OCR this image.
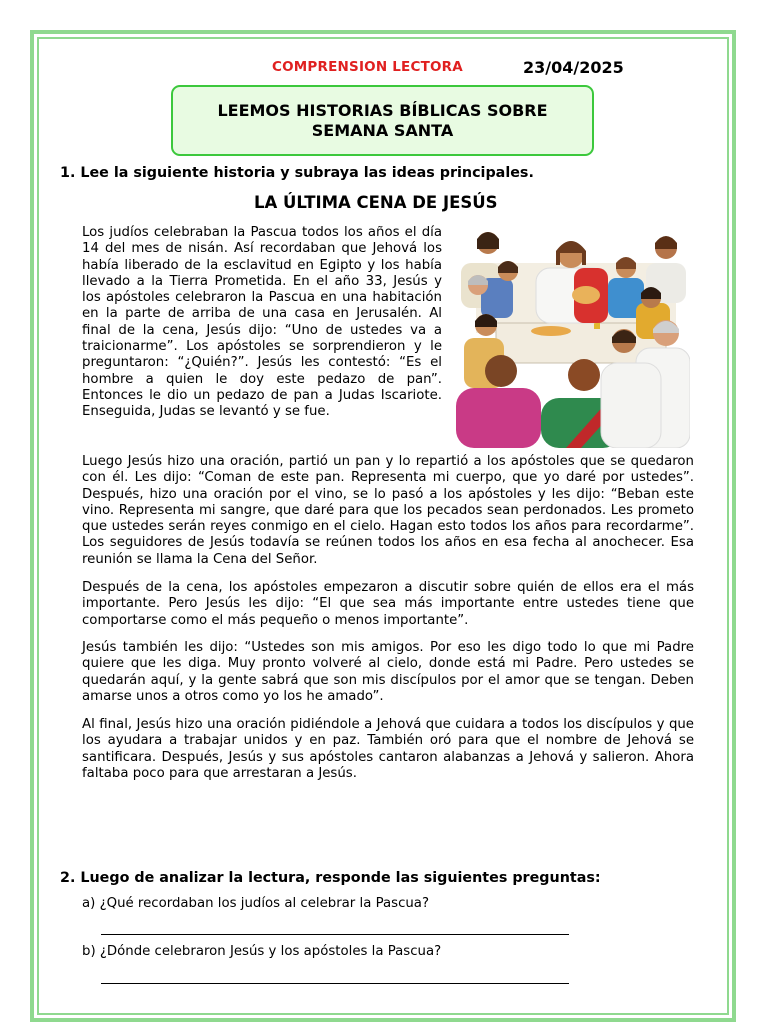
COMPRENSION LECTORA	23/04/2025
LEEMOS HISTORIAS BÍBLICAS SOBRE SEMANA SANTA
1. Lee la siguiente historia y subraya las ideas principales.
LA ÚLTIMA CENA DE JESÚS

Los judíos celebraban la Pascua todos los años el día 14 del mes de nisán. Así recordaban que Jehová los había liberado de la esclavitud en Egipto y los había llevado a la Tierra Prometida. En el año 33, Jesús y los apóstoles celebraron la Pascua en una habitación en la parte de arriba de una casa en Jerusalén. Al final de la cena, Jesús dijo: “Uno de ustedes va a traicionarme”. Los apóstoles se sorprendieron y le preguntaron: “¿Quién?”. Jesús les contestó: “Es el hombre a quien le doy este pedazo de pan”. Entonces le dio un pedazo de pan a Judas Iscariote. Enseguida, Judas se levantó y se fue.

Luego Jesús hizo una oración, partió un pan y lo repartió a los apóstoles que se quedaron con él. Les dijo: “Coman de este pan. Representa mi cuerpo, que yo daré por ustedes”. Después, hizo una oración por el vino, se lo pasó a los apóstoles y les dijo: “Beban este vino. Representa mi sangre, que daré para que los pecados sean perdonados. Les prometo que ustedes serán reyes conmigo en el cielo. Hagan esto todos los años para recordarme”. Los seguidores de Jesús todavía se reúnen todos los años en esa fecha al anochecer. Esa reunión se llama la Cena del Señor.

Después de la cena, los apóstoles empezaron a discutir sobre quién de ellos era el más importante. Pero Jesús les dijo: “El que sea más importante entre ustedes tiene que comportarse como el más pequeño o menos importante”.

Jesús también les dijo: “Ustedes son mis amigos. Por eso les digo todo lo que mi Padre quiere que les diga. Muy pronto volveré al cielo, donde está mi Padre. Pero ustedes se quedarán aquí, y la gente sabrá que son mis discípulos por el amor que se tengan. Deben amarse unos a otros como yo los he amado”.

Al final, Jesús hizo una oración pidiéndole a Jehová que cuidara a todos los discípulos y que los ayudara a trabajar unidos y en paz. También oró para que el nombre de Jehová se santificara. Después, Jesús y sus apóstoles cantaron alabanzas a Jehová y salieron. Ahora faltaba poco para que arrestaran a Jesús.

2. Luego de analizar la lectura, responde las siguientes preguntas:
a) ¿Qué recordaban los judíos al celebrar la Pascua?
b) ¿Dónde celebraron Jesús y los apóstoles la Pascua?
